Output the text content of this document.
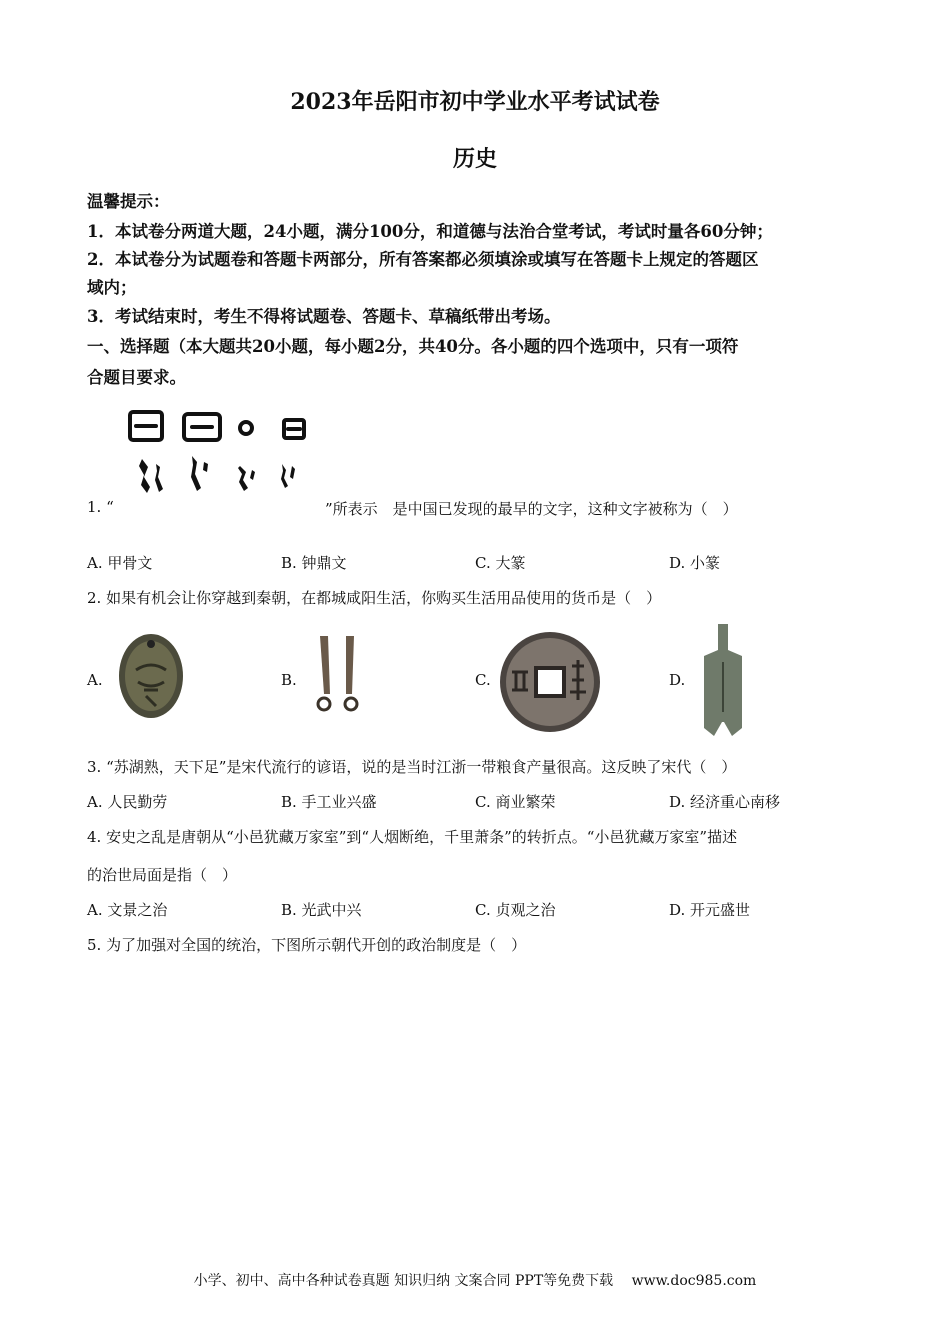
2023年岳阳市初中学业水平考试试卷
历史
温馨提示：
1．本试卷分两道大题，24小题，满分100分，和道德与法治合堂考试，考试时量各60分钟；
2．本试卷分为试题卷和答题卡两部分，所有答案都必须填涂或填写在答题卡上规定的答题区
域内；
3．考试结束时，考生不得将试题卷、答题卡、草稿纸带出考场。
一、选择题（本大题共20小题，每小题2分，共40分。各小题的四个选项中，只有一项符
合题目要求。
1. “	”所表示　是中国已发现的最早的文字，这种文字被称为（　）
A. 甲骨文	B. 钟鼎文	C. 大篆	D. 小篆
2. 如果有机会让你穿越到秦朝，在都城咸阳生活，你购买生活用品使用的货币是（　）
A.	B.	C.	D.
3. “苏湖熟，天下足”是宋代流行的谚语，说的是当时江浙一带粮食产量很高。这反映了宋代（　）
A. 人民勤劳	B. 手工业兴盛	C. 商业繁荣	D. 经济重心南移
4. 安史之乱是唐朝从“小邑犹藏万家室”到“人烟断绝，千里萧条”的转折点。“小邑犹藏万家室”描述
的治世局面是指（　）
A. 文景之治	B. 光武中兴	C. 贞观之治	D. 开元盛世
5. 为了加强对全国的统治，下图所示朝代开创的政治制度是（　）
小学、初中、高中各种试卷真题 知识归纳 文案合同 PPT等免费下载　 www.doc985.com
